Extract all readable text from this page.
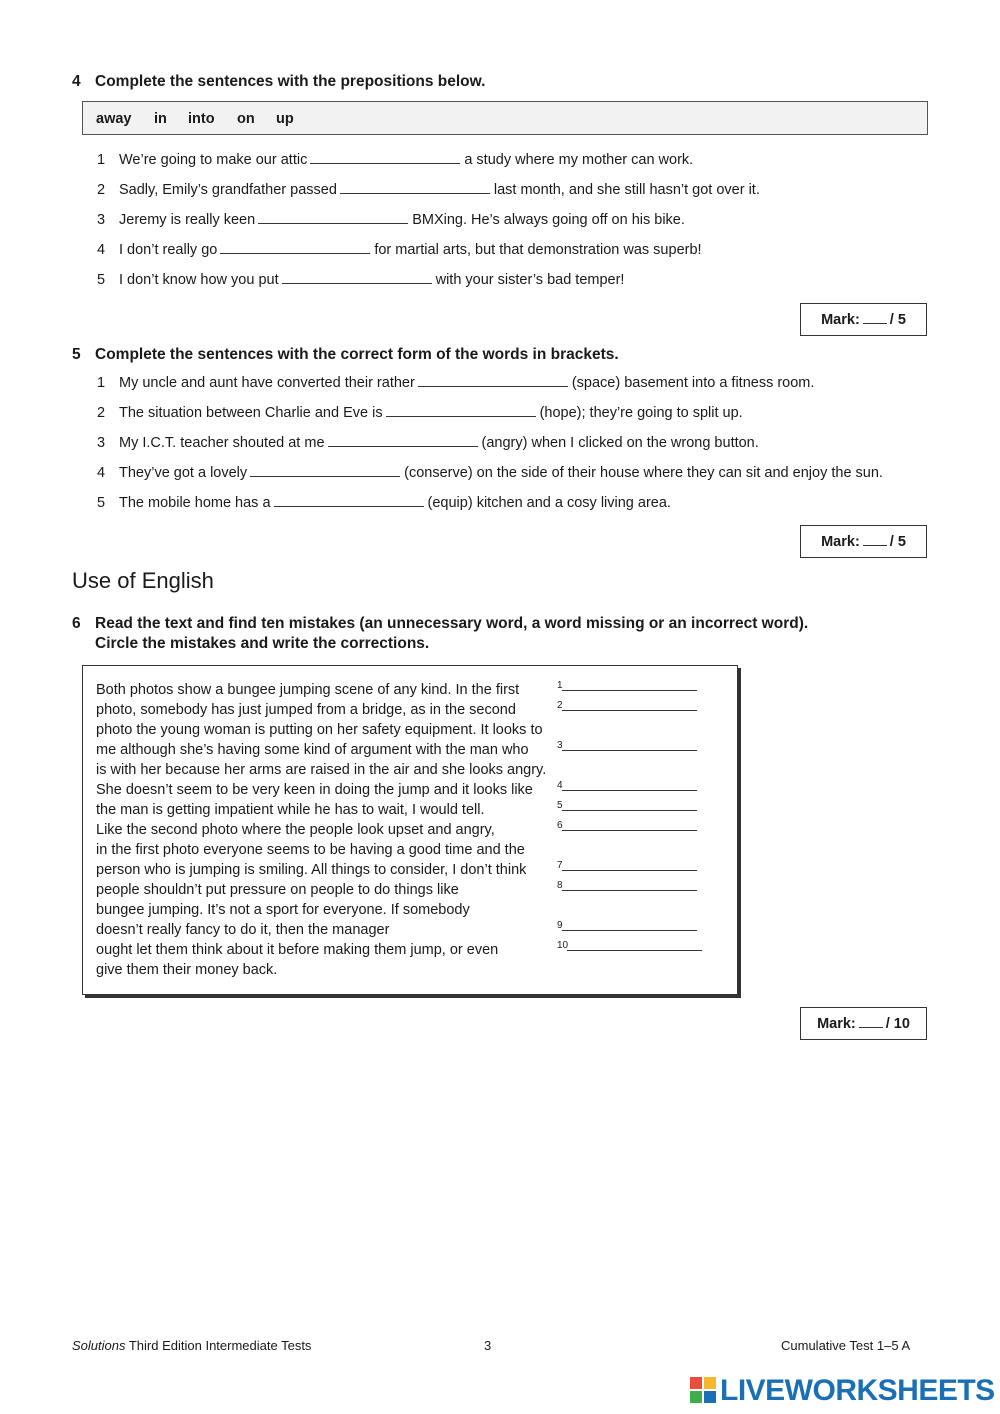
4 Complete the sentences with the prepositions below.
away in into on up
1 We’re going to make our attic	a study where my mother can work.
2 Sadly, Emily’s grandfather passed	last month, and she still hasn’t got over it.
3 Jeremy is really keen	BMXing. He’s always going off on his bike.
4 I don’t really go	for martial arts, but that demonstration was superb!
5 I don’t know how you put	with your sister’s bad temper!
Mark: / 5
5 Complete the sentences with the correct form of the words in brackets.
1 My uncle and aunt have converted their rather	(space) basement into a fitness room.
2 The situation between Charlie and Eve is	(hope); they’re going to split up.
3 My I.C.T. teacher shouted at me	(angry) when I clicked on the wrong button.
4 They’ve got a lovely	(conserve) on the side of their house where they can sit and enjoy the sun.
5 The mobile home has a	(equip) kitchen and a cosy living area.
Mark: / 5
Use of English
6 Read the text and find ten mistakes (an unnecessary word, a word missing or an incorrect word).
Circle the mistakes and write the corrections.
Both photos show a bungee jumping scene of any kind. In the first
photo, somebody has just jumped from a bridge, as in the second
photo the young woman is putting on her safety equipment. It looks to
me although she’s having some kind of argument with the man who
is with her because her arms are raised in the air and she looks angry.
She doesn’t seem to be very keen in doing the jump and it looks like
the man is getting impatient while he has to wait, I would tell.
Like the second photo where the people look upset and angry,
in the first photo everyone seems to be having a good time and the
person who is jumping is smiling. All things to consider, I don’t think
people shouldn’t put pressure on people to do things like
bungee jumping. It’s not a sport for everyone. If somebody
doesn’t really fancy to do it, then the manager
ought let them think about it before making them jump, or even
give them their money back.
1
2
3
4
5
6
7
8
9
10
Mark: / 10
Solutions Third Edition Intermediate Tests	3	Cumulative Test 1–5 A
LIVEWORKSHEETS
